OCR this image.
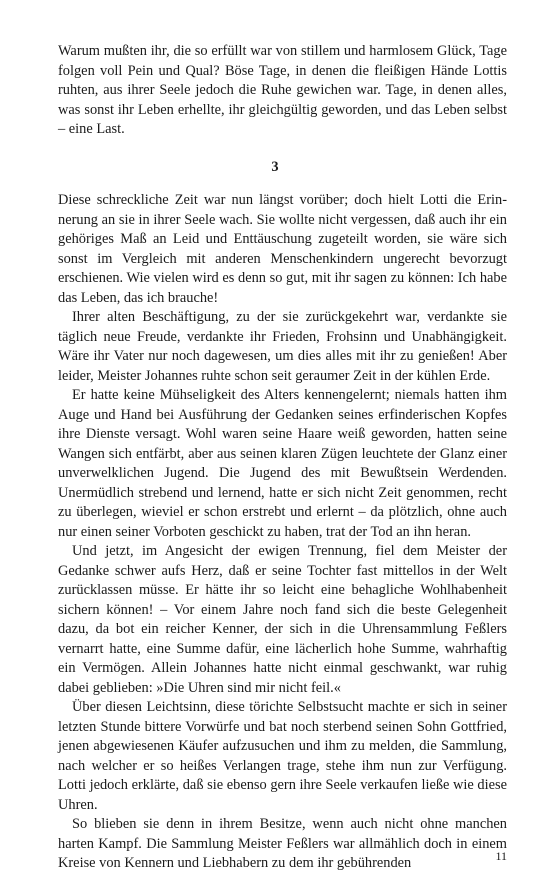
Warum mußten ihr, die so erfüllt war von stillem und harmlosem Glück, Tage folgen voll Pein und Qual? Böse Tage, in denen die fleißigen Hände Lottis ruhten, aus ihrer Seele jedoch die Ruhe gewichen war. Tage, in denen alles, was sonst ihr Leben erhellte, ihr gleichgültig geworden, und das Leben selbst – eine Last.

3

Diese schreckliche Zeit war nun längst vorüber; doch hielt Lotti die Erinnerung an sie in ihrer Seele wach. Sie wollte nicht vergessen, daß auch ihr ein gehöriges Maß an Leid und Enttäuschung zugeteilt worden, sie wäre sich sonst im Vergleich mit anderen Menschenkindern ungerecht bevorzugt erschienen. Wie vielen wird es denn so gut, mit ihr sagen zu können: Ich habe das Leben, das ich brauche!

Ihrer alten Beschäftigung, zu der sie zurückgekehrt war, verdankte sie täglich neue Freude, verdankte ihr Frieden, Frohsinn und Unabhängigkeit. Wäre ihr Vater nur noch dagewesen, um dies alles mit ihr zu genießen! Aber leider, Meister Johannes ruhte schon seit geraumer Zeit in der kühlen Erde.

Er hatte keine Mühseligkeit des Alters kennengelernt; niemals hatten ihm Auge und Hand bei Ausführung der Gedanken seines erfinderischen Kopfes ihre Dienste versagt. Wohl waren seine Haare weiß geworden, hatten seine Wangen sich entfärbt, aber aus seinen klaren Zügen leuchtete der Glanz einer unverwelklichen Jugend. Die Jugend des mit Bewußtsein Werdenden. Unermüdlich strebend und lernend, hatte er sich nicht Zeit genommen, recht zu überlegen, wieviel er schon erstrebt und erlernt – da plötzlich, ohne auch nur einen seiner Vorboten geschickt zu haben, trat der Tod an ihn heran.

Und jetzt, im Angesicht der ewigen Trennung, fiel dem Meister der Gedanke schwer aufs Herz, daß er seine Tochter fast mittellos in der Welt zurücklassen müsse. Er hätte ihr so leicht eine behagliche Wohlhabenheit sichern können! – Vor einem Jahre noch fand sich die beste Gelegenheit dazu, da bot ein reicher Kenner, der sich in die Uhrensammlung Feßlers vernarrt hatte, eine Summe dafür, eine lächerlich hohe Summe, wahrhaftig ein Vermögen. Allein Johannes hatte nicht einmal geschwankt, war ruhig dabei geblieben: »Die Uhren sind mir nicht feil.«

Über diesen Leichtsinn, diese törichte Selbstsucht machte er sich in seiner letzten Stunde bittere Vorwürfe und bat noch sterbend seinen Sohn Gottfried, jenen abgewiesenen Käufer aufzusuchen und ihm zu melden, die Sammlung, nach welcher er so heißes Verlangen trage, stehe ihm nun zur Verfügung. Lotti jedoch erklärte, daß sie ebenso gern ihre Seele verkaufen ließe wie diese Uhren.

So blieben sie denn in ihrem Besitze, wenn auch nicht ohne manchen harten Kampf. Die Sammlung Meister Feßlers war allmählich doch in einem Kreise von Kennern und Liebhabern zu dem ihr gebührenden	11
